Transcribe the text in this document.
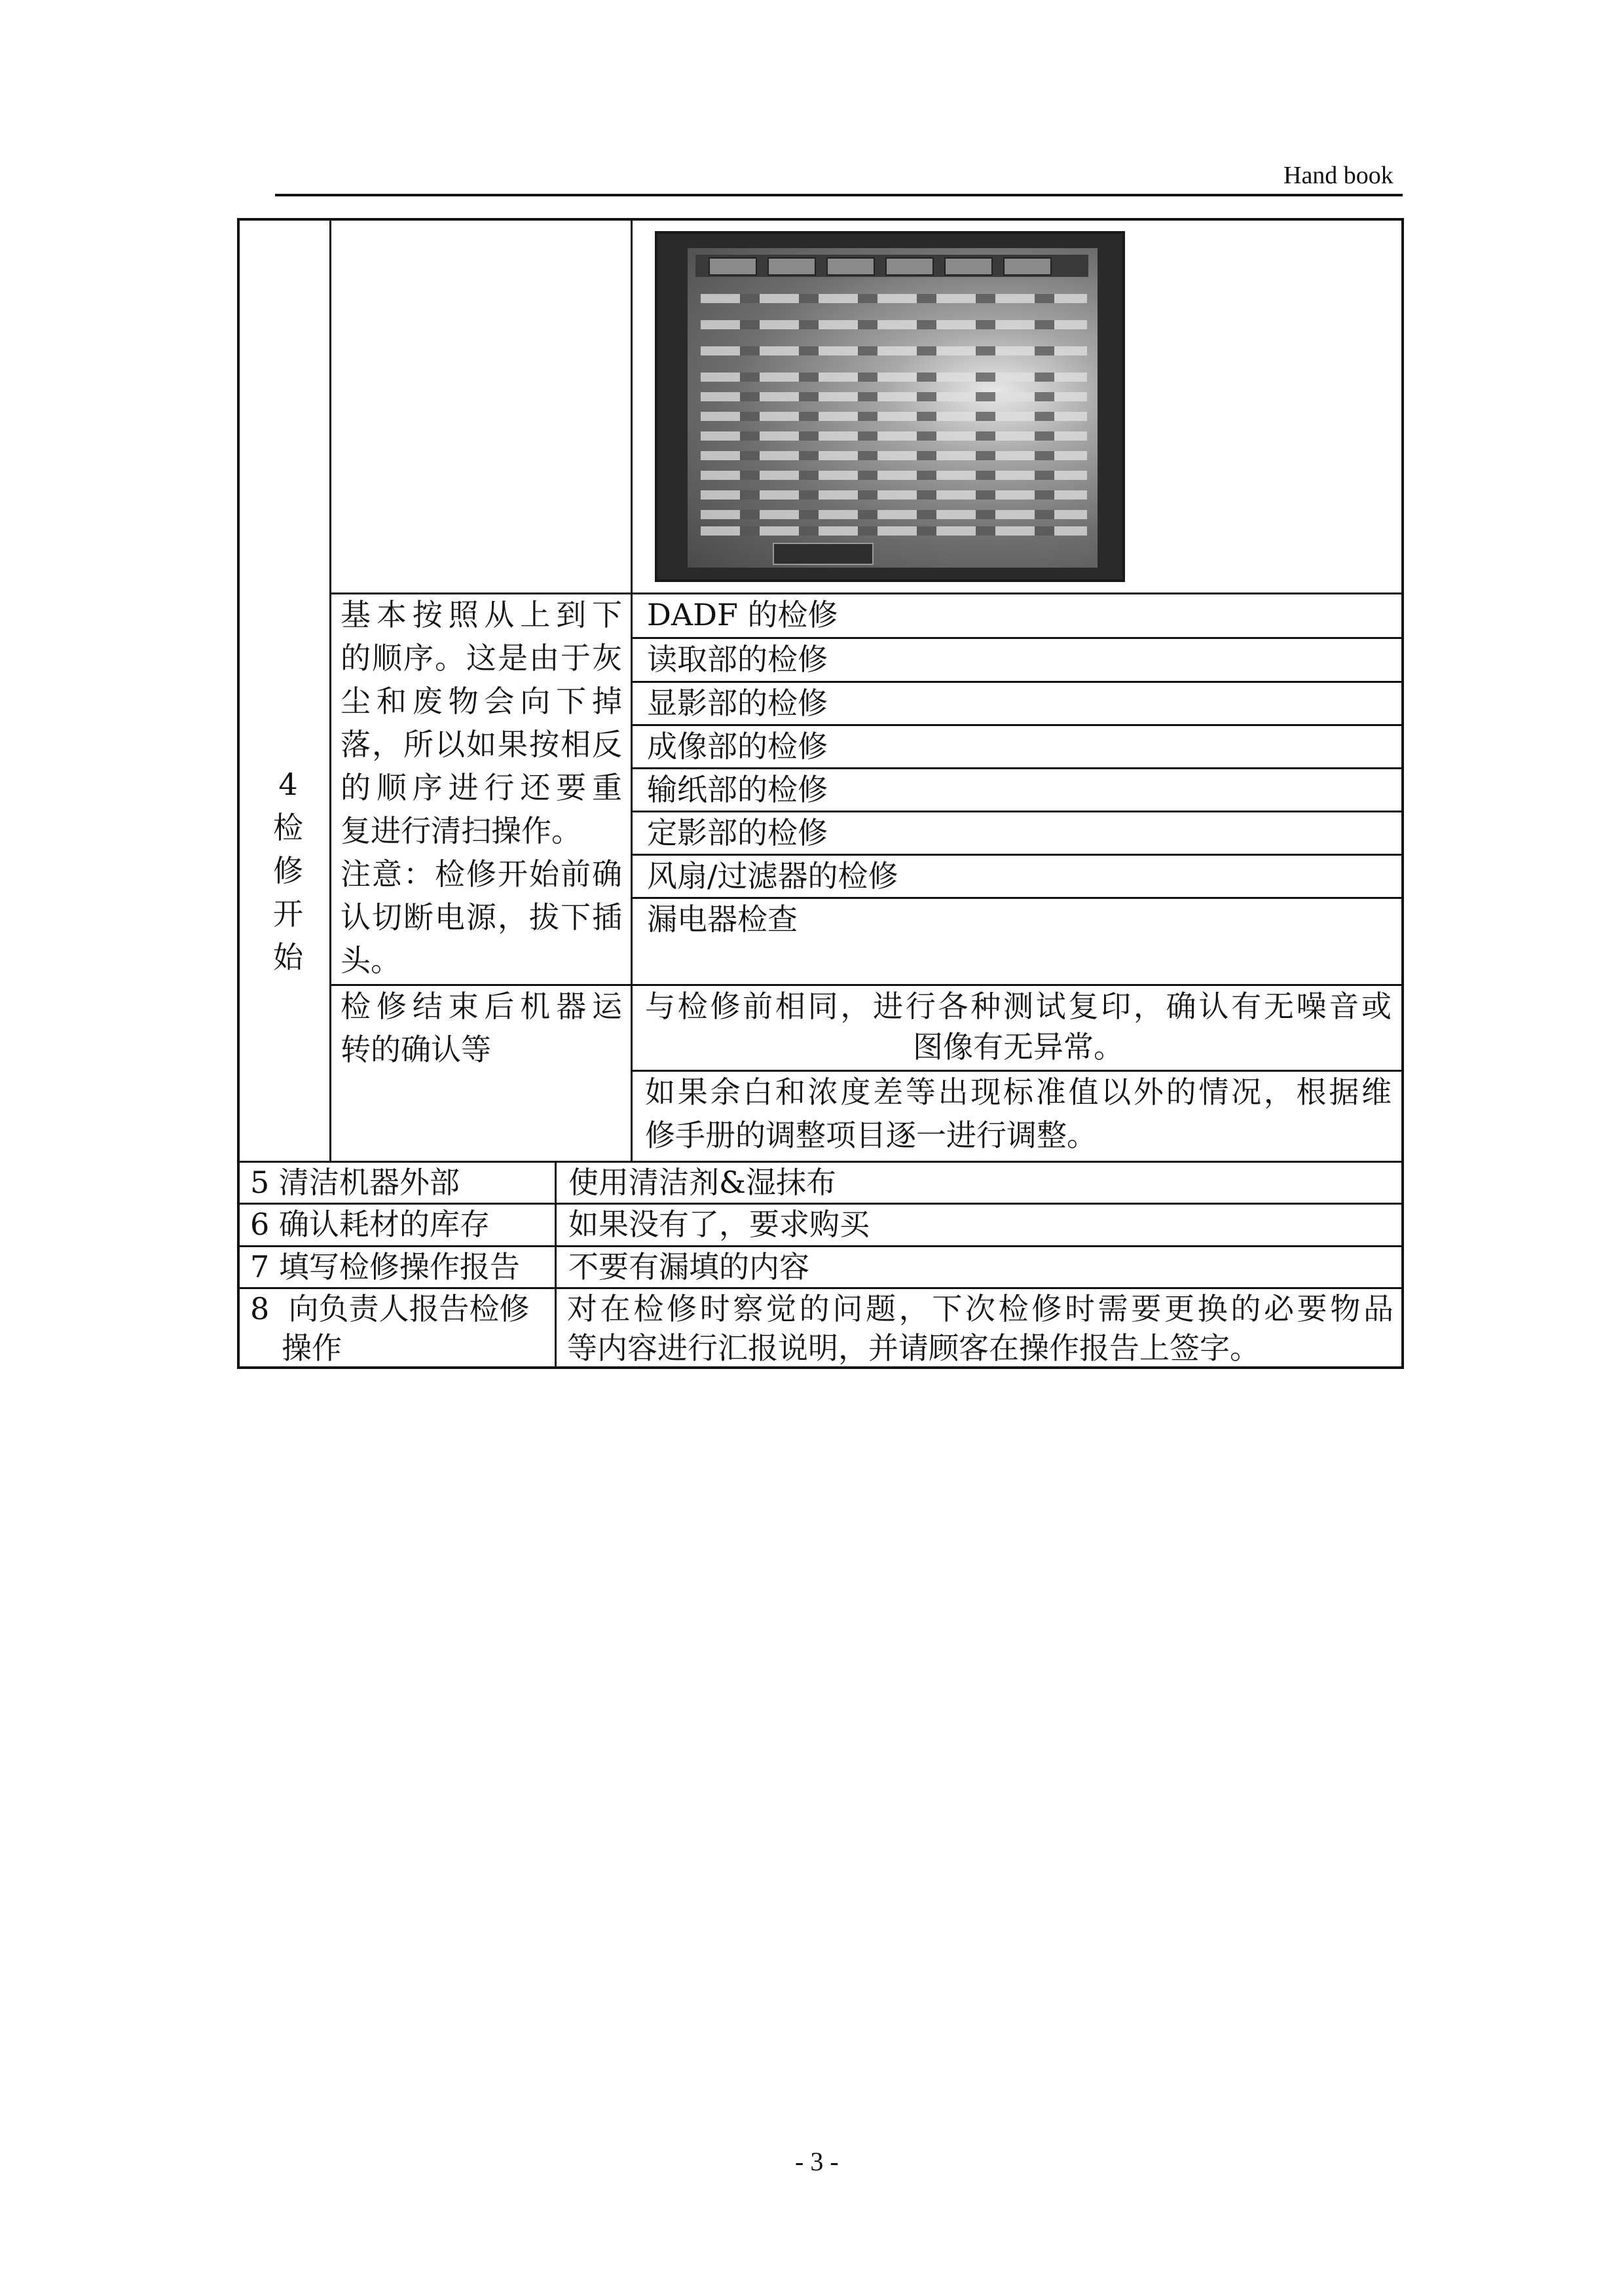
Hand book
4
检
修
开
始
基本按照从上到下
的顺序。这是由于灰
尘和废物会向下掉
落，所以如果按相反
的顺序进行还要重
复进行清扫操作。
注意：检修开始前确
认切断电源，拔下插
头。
DADF 的检修
读取部的检修
显影部的检修
成像部的检修
输纸部的检修
定影部的检修
风扇/过滤器的检修
漏电器检查
检修结束后机器运
转的确认等
与检修前相同，进行各种测试复印，确认有无噪音或
图像有无异常。
如果余白和浓度差等出现标准值以外的情况，根据维
修手册的调整项目逐一进行调整。
5 清洁机器外部	使用清洁剂&湿抹布
6 确认耗材的库存	如果没有了，要求购买
7 填写检修操作报告 不要有漏填的内容
8  向负责人报告检修
操作
对在检修时察觉的问题，下次检修时需要更换的必要物品
等内容进行汇报说明，并请顾客在操作报告上签字。
- 3 -
